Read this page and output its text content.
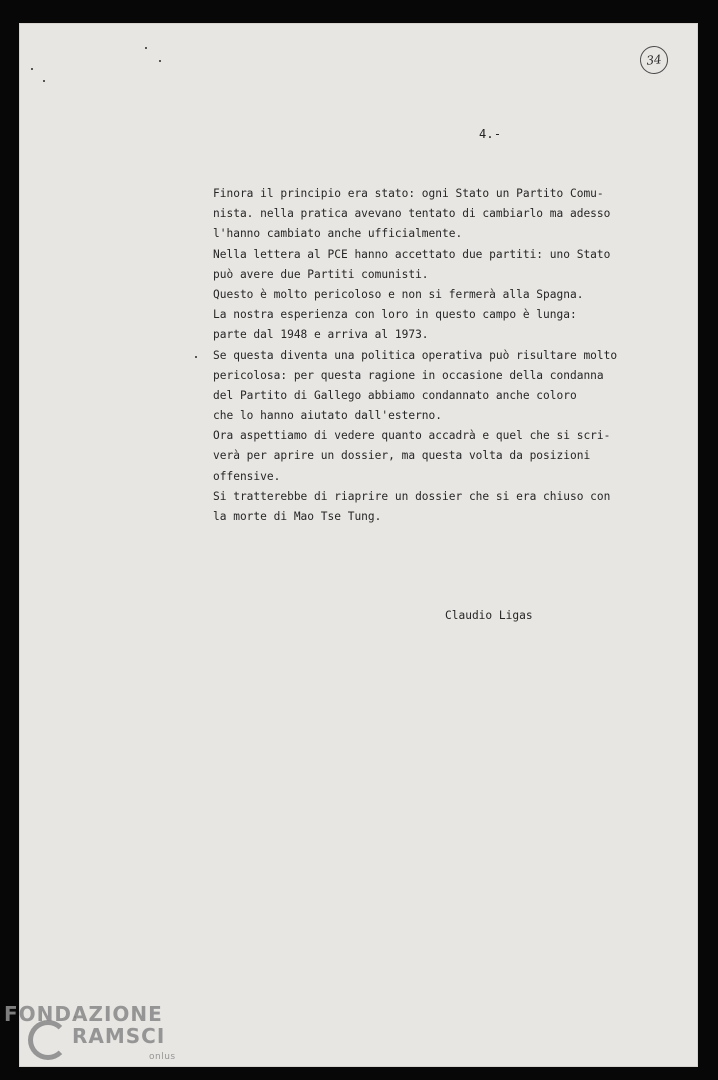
34
4.-
Finora il principio era stato: ogni Stato un Partito Comu-
nista. nella pratica avevano tentato di cambiarlo ma adesso
l'hanno cambiato anche ufficialmente.
Nella lettera al PCE hanno accettato due partiti: uno Stato
può avere due Partiti comunisti.
Questo è molto pericoloso e non si fermerà alla Spagna.
La nostra esperienza con loro in questo campo è lunga:
parte dal 1948 e arriva al 1973.
Se questa diventa una politica operativa può risultare molto
pericolosa: per questa ragione in occasione della condanna
del Partito di Gallego abbiamo condannato anche coloro
che lo hanno aiutato dall'esterno.
Ora aspettiamo di vedere quanto accadrà e quel che si scri-
verà per aprire un dossier, ma questa volta da posizioni
offensive.
Si tratterebbe di riaprire un dossier che si era chiuso con
la morte di Mao Tse Tung.
Claudio Ligas
FONDAZIONE
RAMSCI
onlus
